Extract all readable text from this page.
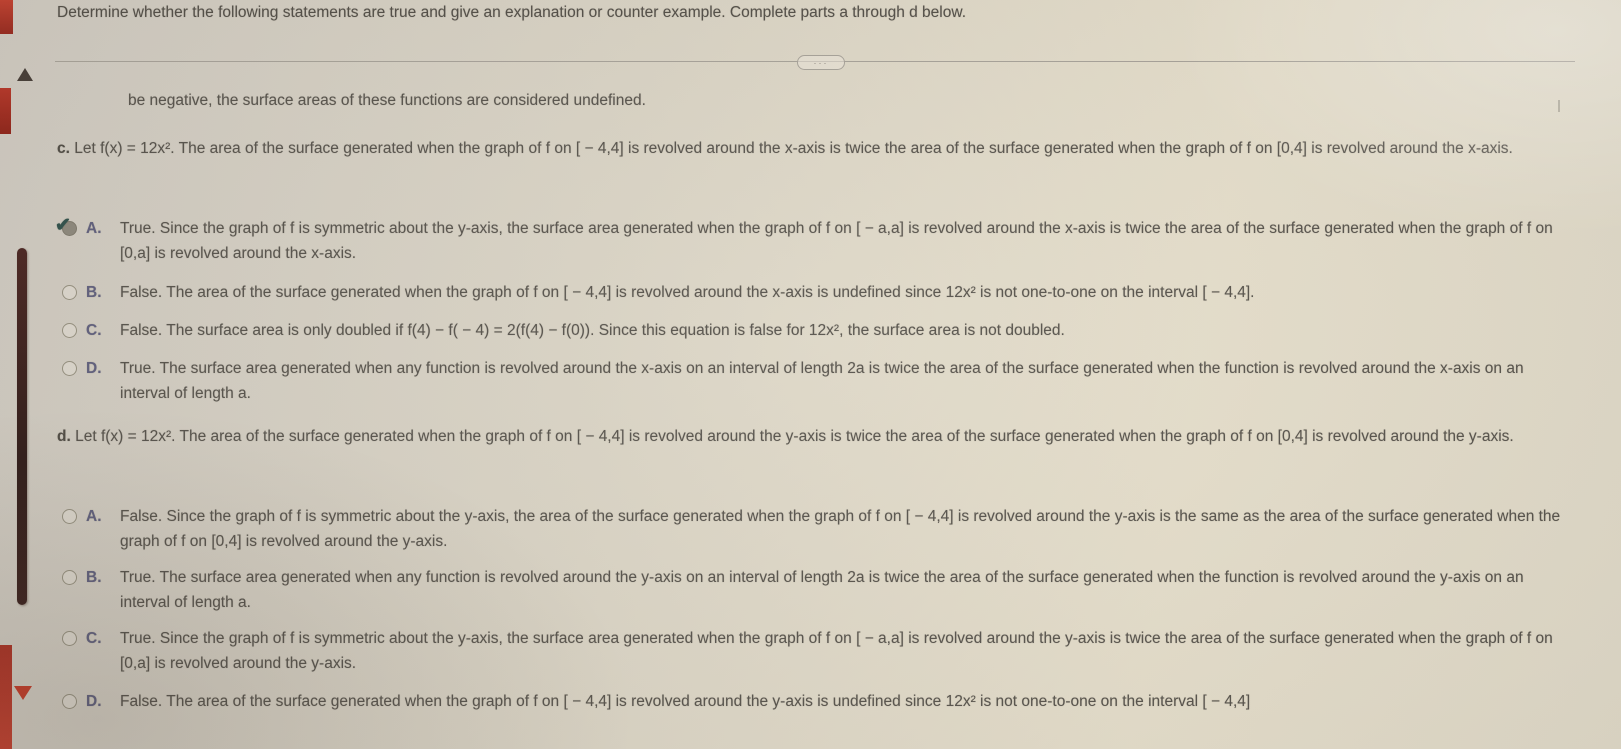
Determine whether the following statements are true and give an explanation or counter example. Complete parts a through d below.
···
be negative, the surface areas of these functions are considered undefined.
c. Let f(x) = 12x². The area of the surface generated when the graph of f on [ − 4,4] is revolved around the x-axis is twice the area of the surface generated when the graph of f on [0,4] is revolved around the x-axis.
✔ A.	True. Since the graph of f is symmetric about the y-axis, the surface area generated when the graph of f on [ − a,a] is revolved around the x-axis is twice the area of the surface generated when the graph of f on [0,a] is revolved around the x-axis.
B.	False. The area of the surface generated when the graph of f on [ − 4,4] is revolved around the x-axis is undefined since 12x² is not one-to-one on the interval [ − 4,4].
C.	False. The surface area is only doubled if f(4) − f( − 4) = 2(f(4) − f(0)). Since this equation is false for 12x², the surface area is not doubled.
D.	True. The surface area generated when any function is revolved around the x-axis on an interval of length 2a is twice the area of the surface generated when the function is revolved around the x-axis on an interval of length a.
d. Let f(x) = 12x². The area of the surface generated when the graph of f on [ − 4,4] is revolved around the y-axis is twice the area of the surface generated when the graph of f on [0,4] is revolved around the y-axis.
A.	False. Since the graph of f is symmetric about the y-axis, the area of the surface generated when the graph of f on [ − 4,4] is revolved around the y-axis is the same as the area of the surface generated when the graph of f on [0,4] is revolved around the y-axis.
B.	True. The surface area generated when any function is revolved around the y-axis on an interval of length 2a is twice the area of the surface generated when the function is revolved around the y-axis on an interval of length a.
C.	True. Since the graph of f is symmetric about the y-axis, the surface area generated when the graph of f on [ − a,a] is revolved around the y-axis is twice the area of the surface generated when the graph of f on [0,a] is revolved around the y-axis.
D.	False. The area of the surface generated when the graph of f on [ − 4,4] is revolved around the y-axis is undefined since 12x² is not one-to-one on the interval [ − 4,4]
